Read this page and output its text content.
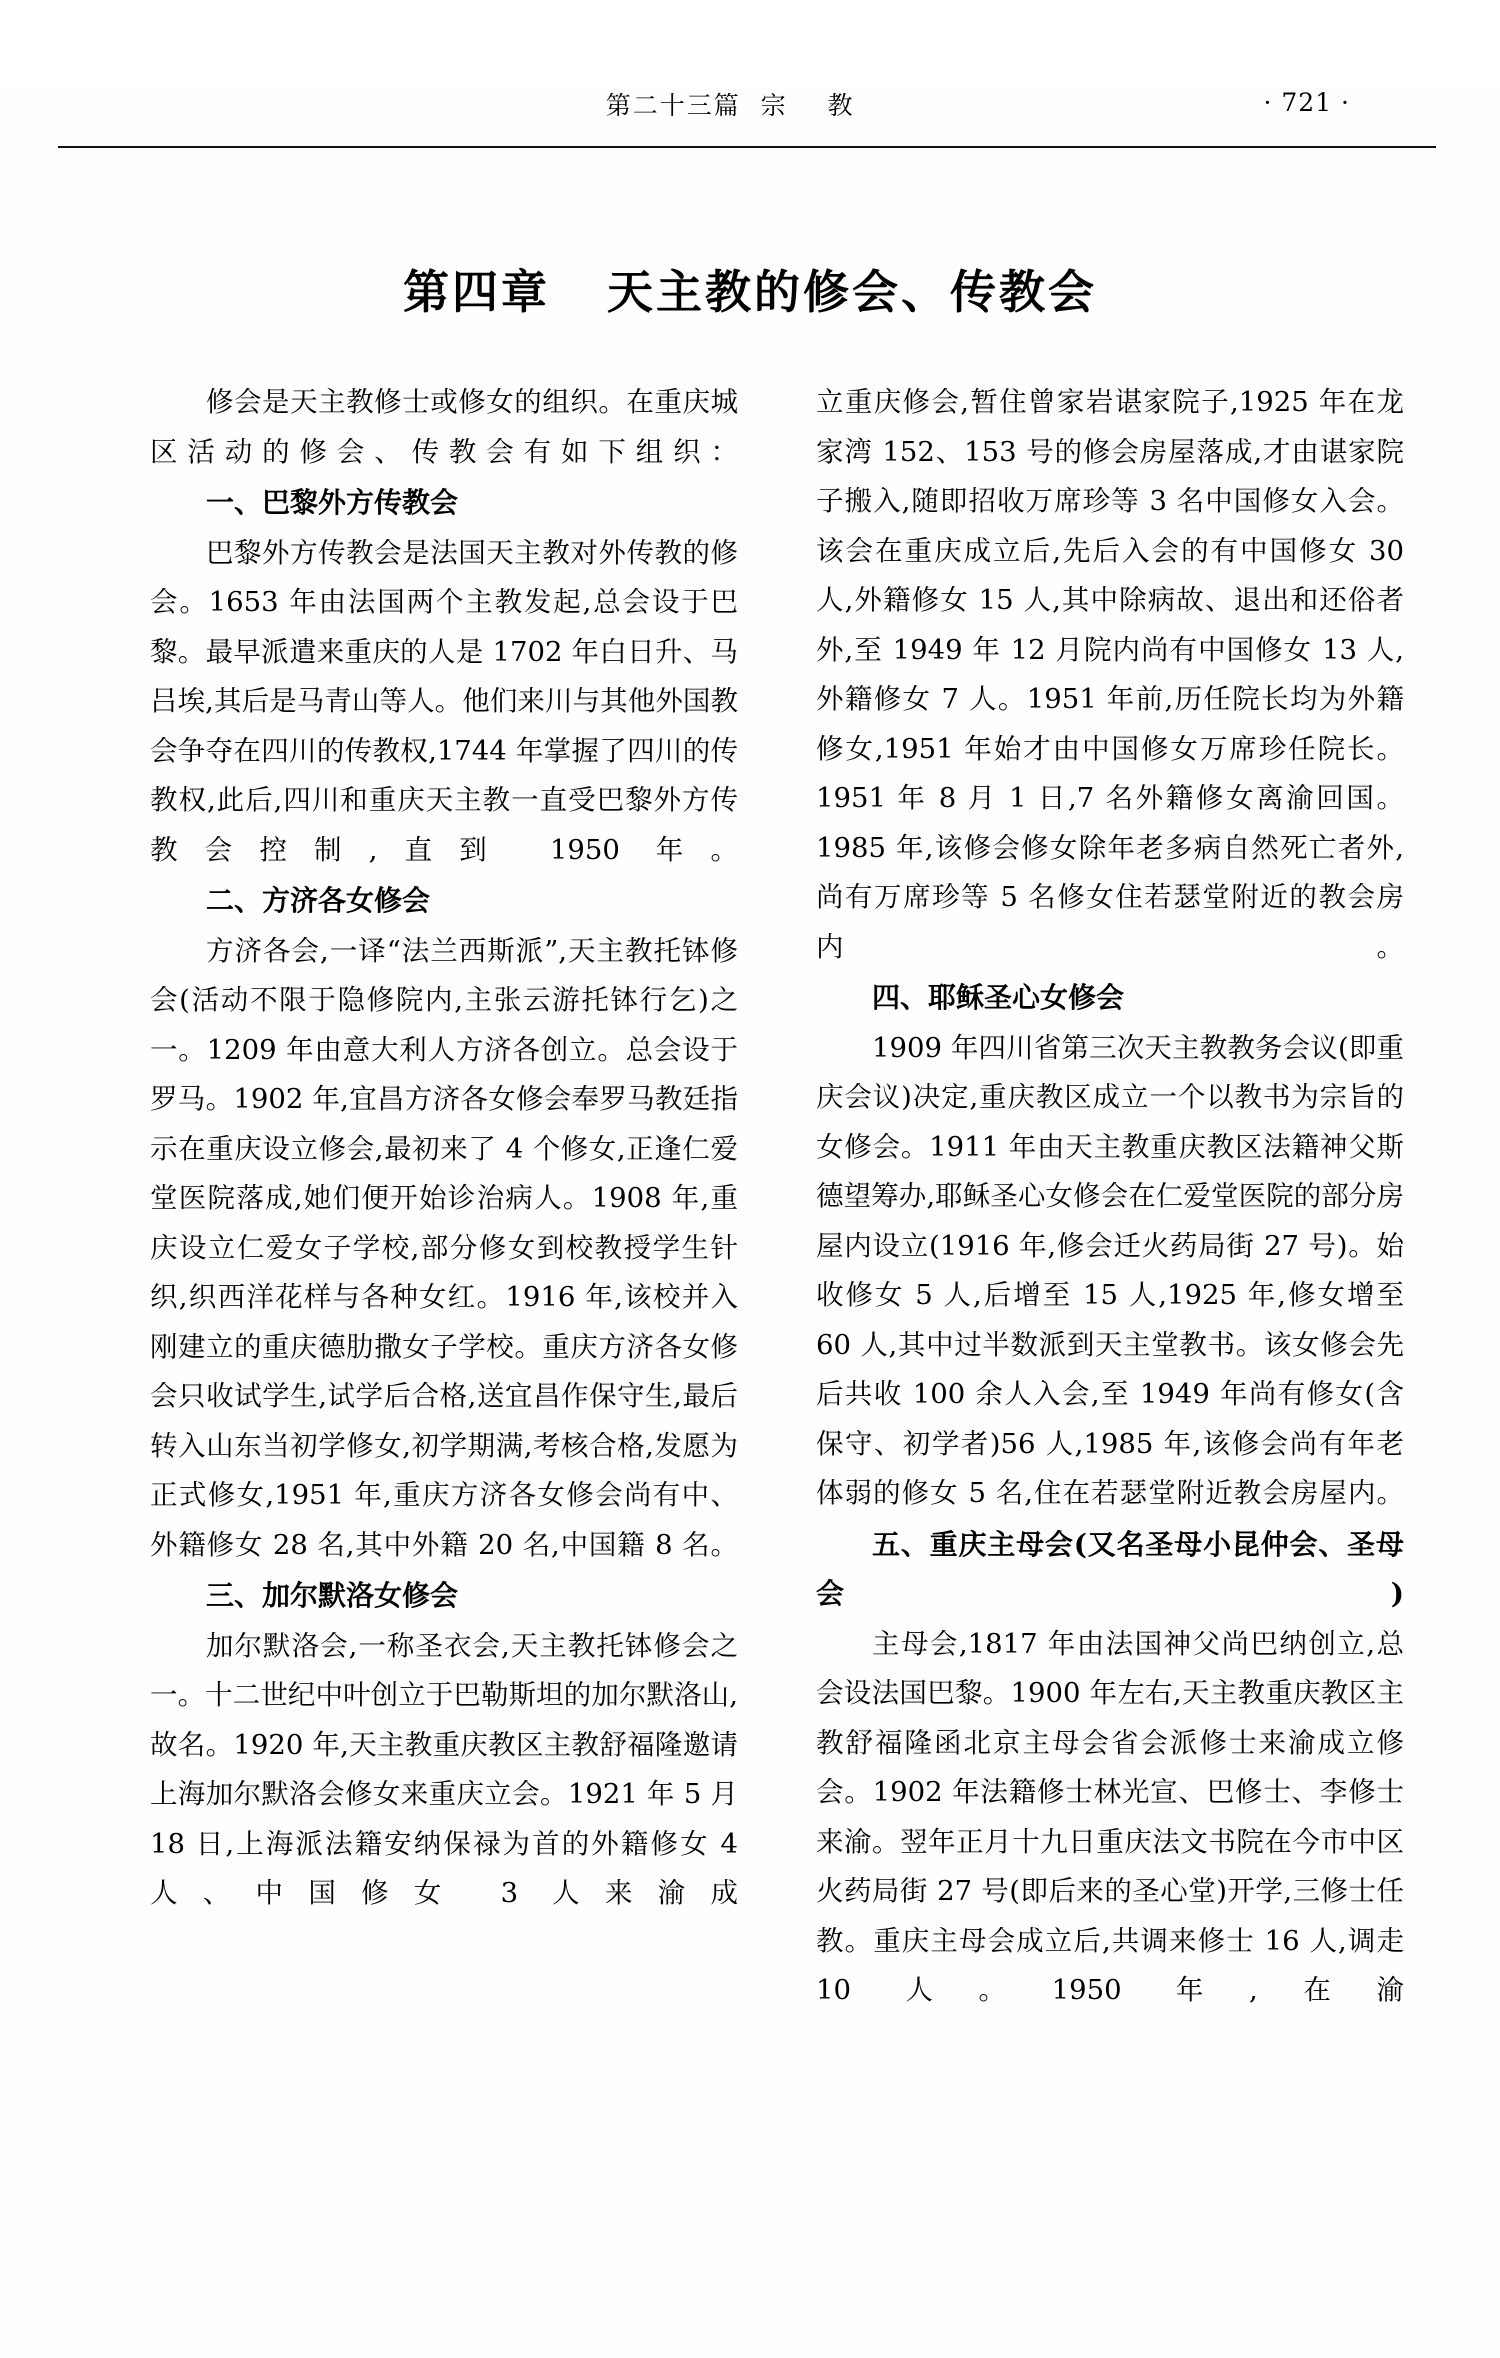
第二十三篇  宗    教	· 721 ·
第四章   天主教的修会、传教会

修会是天主教修士或修女的组织。在重庆城区活动的修会、传教会有如下组织：

一、巴黎外方传教会

巴黎外方传教会是法国天主教对外传教的修会。1653 年由法国两个主教发起,总会设于巴黎。最早派遣来重庆的人是 1702 年白日升、马吕埃,其后是马青山等人。他们来川与其他外国教会争夺在四川的传教权,1744 年掌握了四川的传教权,此后,四川和重庆天主教一直受巴黎外方传教会控制,直到 1950 年。

二、方济各女修会

方济各会,一译“法兰西斯派”,天主教托钵修会(活动不限于隐修院内,主张云游托钵行乞)之一。1209 年由意大利人方济各创立。总会设于罗马。1902 年,宜昌方济各女修会奉罗马教廷指示在重庆设立修会,最初来了 4 个修女,正逢仁爱堂医院落成,她们便开始诊治病人。1908 年,重庆设立仁爱女子学校,部分修女到校教授学生针织,织西洋花样与各种女红。1916 年,该校并入刚建立的重庆德肋撒女子学校。重庆方济各女修会只收试学生,试学后合格,送宜昌作保守生,最后转入山东当初学修女,初学期满,考核合格,发愿为正式修女,1951 年,重庆方济各女修会尚有中、外籍修女 28 名,其中外籍 20 名,中国籍 8 名。

三、加尔默洛女修会

加尔默洛会,一称圣衣会,天主教托钵修会之一。十二世纪中叶创立于巴勒斯坦的加尔默洛山,故名。1920 年,天主教重庆教区主教舒福隆邀请上海加尔默洛会修女来重庆立会。1921 年 5 月 18 日,上海派法籍安纳保禄为首的外籍修女 4 人、中国修女 3 人来渝成

立重庆修会,暂住曾家岩谌家院子,1925 年在龙家湾 152、153 号的修会房屋落成,才由谌家院子搬入,随即招收万席珍等 3 名中国修女入会。该会在重庆成立后,先后入会的有中国修女 30 人,外籍修女 15 人,其中除病故、退出和还俗者外,至 1949 年 12 月院内尚有中国修女 13 人,外籍修女 7 人。1951 年前,历任院长均为外籍修女,1951 年始才由中国修女万席珍任院长。1951 年 8 月 1 日,7 名外籍修女离渝回国。1985 年,该修会修女除年老多病自然死亡者外,尚有万席珍等 5 名修女住若瑟堂附近的教会房内。

四、耶稣圣心女修会

1909 年四川省第三次天主教教务会议(即重庆会议)决定,重庆教区成立一个以教书为宗旨的女修会。1911 年由天主教重庆教区法籍神父斯德望筹办,耶稣圣心女修会在仁爱堂医院的部分房屋内设立(1916 年,修会迁火药局街 27 号)。始收修女 5 人,后增至 15 人,1925 年,修女增至 60 人,其中过半数派到天主堂教书。该女修会先后共收 100 余人入会,至 1949 年尚有修女(含保守、初学者)56 人,1985 年,该修会尚有年老体弱的修女 5 名,住在若瑟堂附近教会房屋内。

五、重庆主母会(又名圣母小昆仲会、圣母会)

主母会,1817 年由法国神父尚巴纳创立,总会设法国巴黎。1900 年左右,天主教重庆教区主教舒福隆函北京主母会省会派修士来渝成立修会。1902 年法籍修士林光宣、巴修士、李修士来渝。翌年正月十九日重庆法文书院在今市中区火药局街 27 号(即后来的圣心堂)开学,三修士任教。重庆主母会成立后,共调来修士 16 人,调走 10 人。1950 年,在渝
